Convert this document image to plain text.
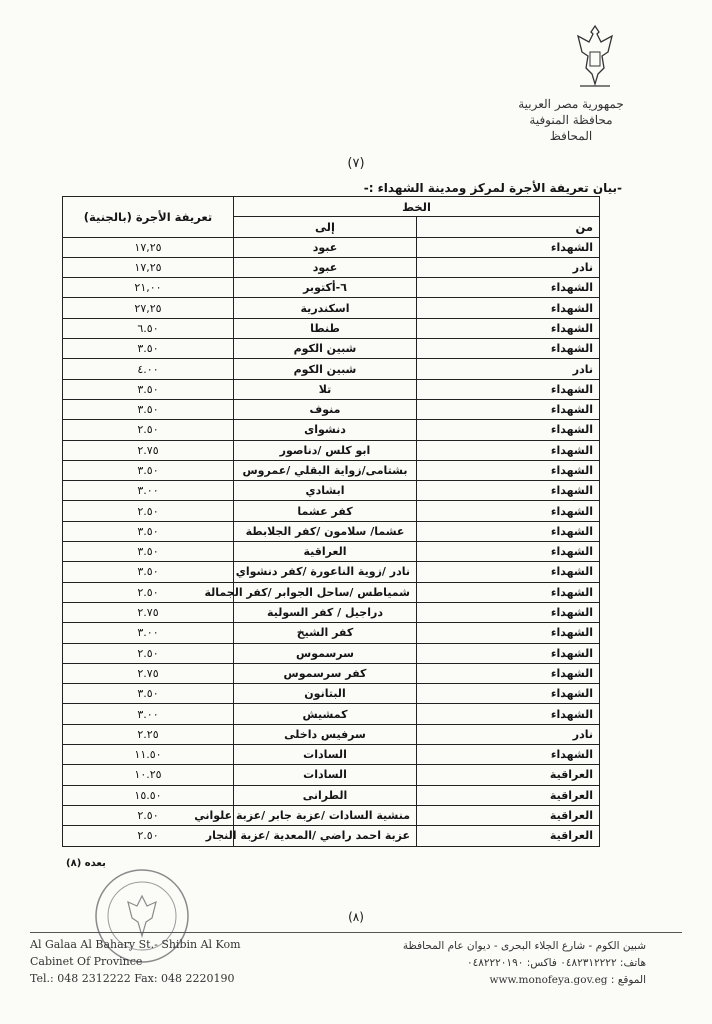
جمهورية مصر العربية
محافظة المنوفية
المحافظ
(٧)
-بيان تعريفة الأجرة لمركز ومدينة الشهداء :-
الخط		تعريفة الأجرة (بالجنية)
من	إلى	
الشهداء	عبود	١٧,٢٥
نادر	عبود	١٧,٢٥
الشهداء	٦-أكتوبر	٢١,٠٠
الشهداء	اسكندرية	٢٧,٢٥
الشهداء	طنطا	٦.٥٠
الشهداء	شبين الكوم	٣.٥٠
نادر	شبين الكوم	٤.٠٠
الشهداء	تلا	٣.٥٠
الشهداء	منوف	٣.٥٠
الشهداء	دنشواى	٢.٥٠
الشهداء	ابو كلس /دناصور	٢.٧٥
الشهداء	بشتامى/زواية البقلي /عمروس	٣.٥٠
الشهداء	ابشادي	٣.٠٠
الشهداء	كفر عشما	٢.٥٠
الشهداء	عشما/ سلامون /كفر الجلابطة	٣.٥٠
الشهداء	العراقية	٣.٥٠
الشهداء	نادر /زوية الناعورة /كفر دنشواي	٣.٥٠
الشهداء	شمياطس /ساحل الجوابر /كفر الجمالة	٢.٥٠
الشهداء	دراجيل / كفر السولية	٢.٧٥
الشهداء	كفر الشيخ	٣.٠٠
الشهداء	سرسموس	٢.٥٠
الشهداء	كفر سرسموس	٢.٧٥
الشهداء	البتانون	٣.٥٠
الشهداء	كمشيش	٣.٠٠
نادر	سرفيس داخلى	٢.٢٥
الشهداء	السادات	١١.٥٠
العراقية	السادات	١٠.٢٥
العراقية	الطرانى	١٥.٥٠
العراقية	منشية السادات /عزبة جابر /عزبة علواني	٢.٥٠
العراقية	عزبة احمد راضي /المعدية /عزبة النجار	٢.٥٠
بعده (٨)
(٨)
Al Galaa Al Bahary St.- Shibin Al Kom
Cabinet Of Province
Tel.: 048 2312222 Fax: 048 2220190
شبين الكوم - شارع الجلاء البحرى - ديوان عام المحافظة
هاتف: ٠٤٨٢٣١٢٢٢٢ فاكس: ٠٤٨٢٢٢٠١٩٠
الموقع : www.monofeya.gov.eg
